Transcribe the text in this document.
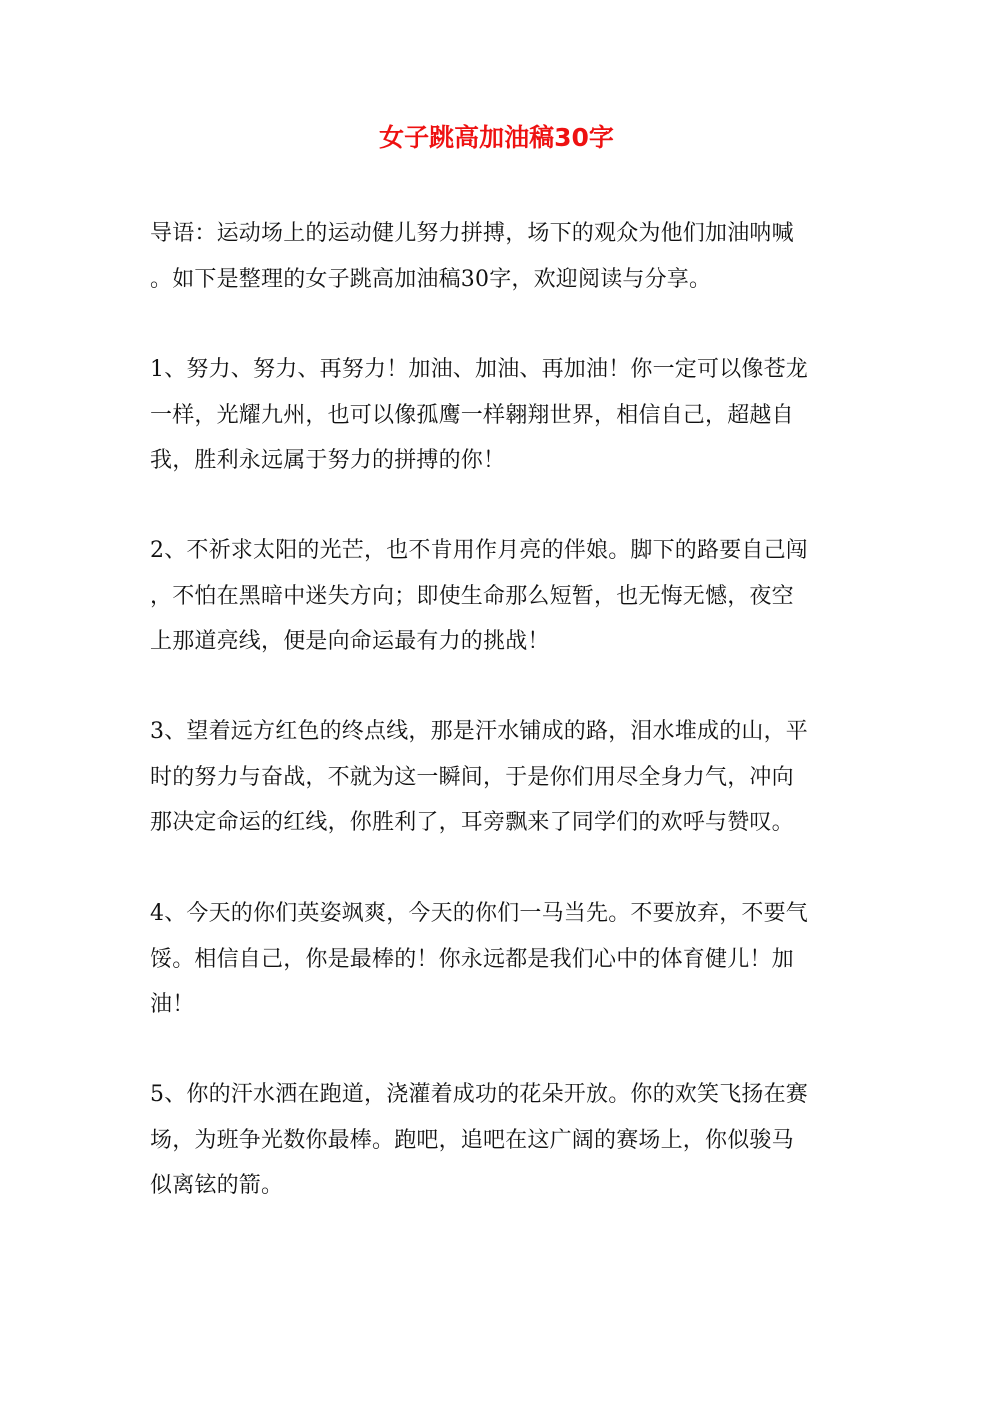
女子跳高加油稿30字
导语：运动场上的运动健儿努力拼搏，场下的观众为他们加油呐喊
。如下是整理的女子跳高加油稿30字，欢迎阅读与分享。
1、努力、努力、再努力！加油、加油、再加油！你一定可以像苍龙
一样，光耀九州，也可以像孤鹰一样翱翔世界，相信自己，超越自
我，胜利永远属于努力的拼搏的你！
2、不祈求太阳的光芒，也不肯用作月亮的伴娘。脚下的路要自己闯
，不怕在黑暗中迷失方向；即使生命那么短暂，也无悔无憾，夜空
上那道亮线，便是向命运最有力的挑战！
3、望着远方红色的终点线，那是汗水铺成的路，泪水堆成的山，平
时的努力与奋战，不就为这一瞬间，于是你们用尽全身力气，冲向
那决定命运的红线，你胜利了，耳旁飘来了同学们的欢呼与赞叹。
4、今天的你们英姿飒爽，今天的你们一马当先。不要放弃，不要气
馁。相信自己，你是最棒的！你永远都是我们心中的体育健儿！加
油！
5、你的汗水洒在跑道，浇灌着成功的花朵开放。你的欢笑飞扬在赛
场，为班争光数你最棒。跑吧，追吧在这广阔的赛场上，你似骏马
似离铉的箭。
